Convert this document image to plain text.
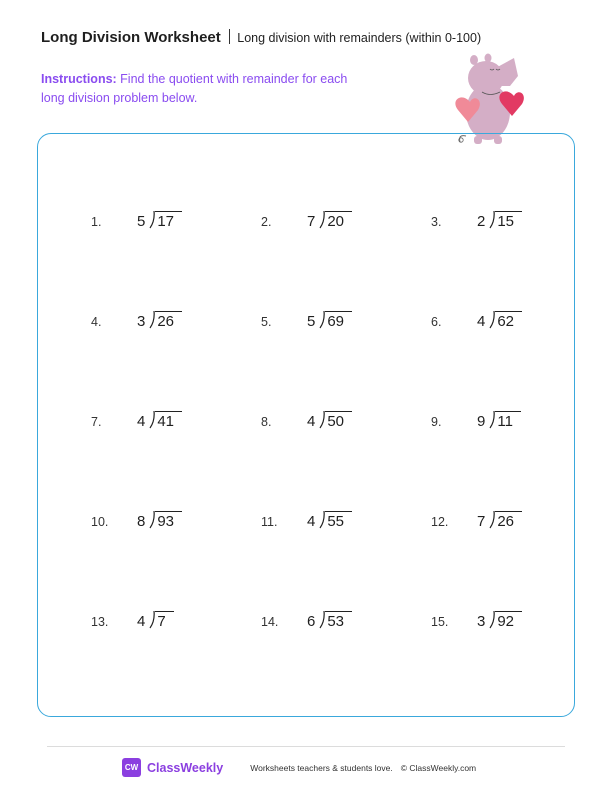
Long Division Worksheet Long division with remainders (within 0-100)
Instructions: Find the quotient with remainder for each long division problem below.
1. 5 17	2. 7 20	3. 2 15
4. 3 26	5. 5 69	6. 4 62
7. 4 41	8. 4 50	9. 9 11
10. 8 93	11. 4 55	12. 7 26
13. 4 7	14. 6 53	15. 3 92
CW ClassWeekly	Worksheets teachers & students love. © ClassWeekly.com
